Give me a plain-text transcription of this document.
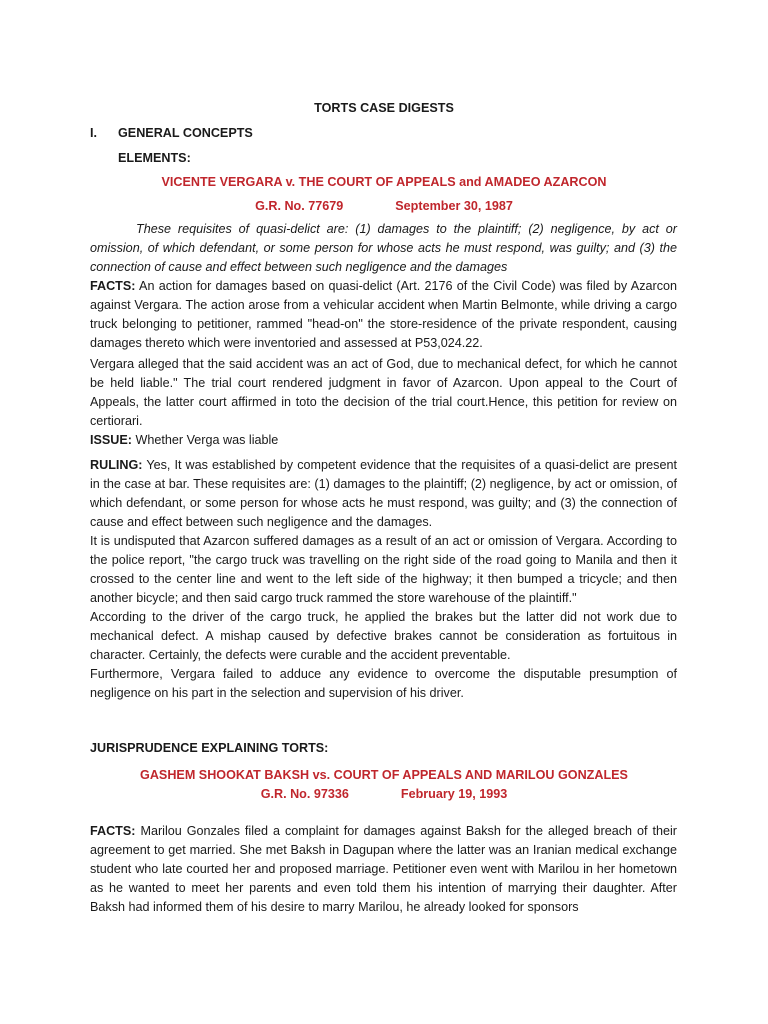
TORTS CASE DIGESTS
I. GENERAL CONCEPTS
ELEMENTS:
VICENTE VERGARA v. THE COURT OF APPEALS and AMADEO AZARCON
G.R. No. 77679	September 30, 1987
These requisites of quasi-delict are: (1) damages to the plaintiff; (2) negligence, by act or omission, of which defendant, or some person for whose acts he must respond, was guilty; and (3) the connection of cause and effect between such negligence and the damages
FACTS: An action for damages based on quasi-delict (Art. 2176 of the Civil Code) was filed by Azarcon against Vergara. The action arose from a vehicular accident when Martin Belmonte, while driving a cargo truck belonging to petitioner, rammed "head-on" the store-residence of the private respondent, causing damages thereto which were inventoried and assessed at P53,024.22.
Vergara alleged that the said accident was an act of God, due to mechanical defect, for which he cannot be held liable." The trial court rendered judgment in favor of Azarcon. Upon appeal to the Court of Appeals, the latter court affirmed in toto the decision of the trial court.Hence, this petition for review on certiorari.
ISSUE: Whether Verga was liable
RULING: Yes, It was established by competent evidence that the requisites of a quasi-delict are present in the case at bar. These requisites are: (1) damages to the plaintiff; (2) negligence, by act or omission, of which defendant, or some person for whose acts he must respond, was guilty; and (3) the connection of cause and effect between such negligence and the damages.
It is undisputed that Azarcon suffered damages as a result of an act or omission of Vergara. According to the police report, "the cargo truck was travelling on the right side of the road going to Manila and then it crossed to the center line and went to the left side of the highway; it then bumped a tricycle; and then another bicycle; and then said cargo truck rammed the store warehouse of the plaintiff."
According to the driver of the cargo truck, he applied the brakes but the latter did not work due to mechanical defect. A mishap caused by defective brakes cannot be consideration as fortuitous in character. Certainly, the defects were curable and the accident preventable.
Furthermore, Vergara failed to adduce any evidence to overcome the disputable presumption of negligence on his part in the selection and supervision of his driver.
JURISPRUDENCE EXPLAINING TORTS:
GASHEM SHOOKAT BAKSH vs. COURT OF APPEALS AND MARILOU GONZALES
G.R. No. 97336	February 19, 1993
FACTS: Marilou Gonzales filed a complaint for damages against Baksh for the alleged breach of their agreement to get married. She met Baksh in Dagupan where the latter was an Iranian medical exchange student who late courted her and proposed marriage. Petitioner even went with Marilou in her hometown as he wanted to meet her parents and even told them his intention of marrying their daughter. After Baksh had informed them of his desire to marry Marilou, he already looked for sponsors
